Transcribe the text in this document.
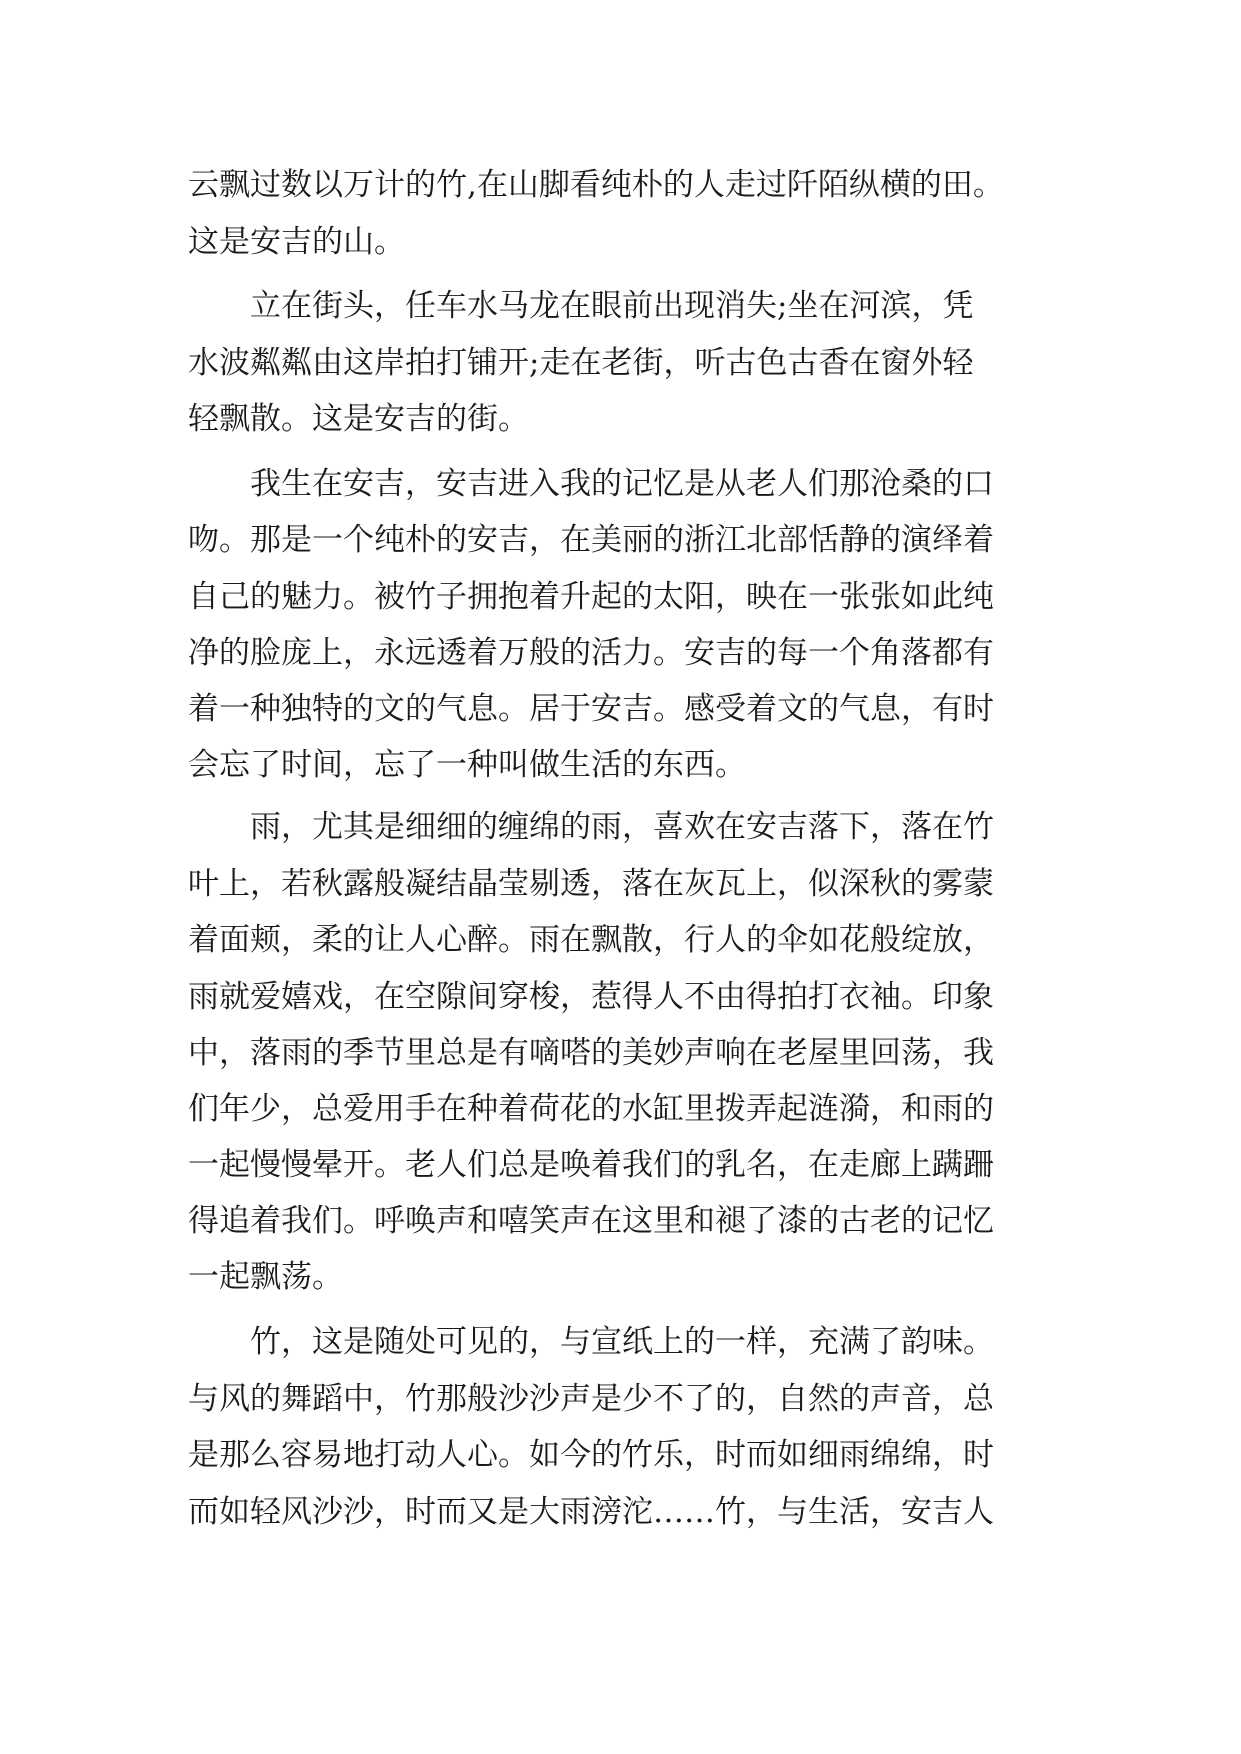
云飘过数以万计的竹,在山脚看纯朴的人走过阡陌纵横的田。
这是安吉的山。
立在街头，任车水马龙在眼前出现消失;坐在河滨，凭
水波粼粼由这岸拍打铺开;走在老街，听古色古香在窗外轻
轻飘散。这是安吉的街。
我生在安吉，安吉进入我的记忆是从老人们那沧桑的口
吻。那是一个纯朴的安吉，在美丽的浙江北部恬静的演绎着
自己的魅力。被竹子拥抱着升起的太阳，映在一张张如此纯
净的脸庞上，永远透着万般的活力。安吉的每一个角落都有
着一种独特的文的气息。居于安吉。感受着文的气息，有时
会忘了时间，忘了一种叫做生活的东西。
雨，尤其是细细的缠绵的雨，喜欢在安吉落下，落在竹
叶上，若秋露般凝结晶莹剔透，落在灰瓦上，似深秋的雾蒙
着面颊，柔的让人心醉。雨在飘散，行人的伞如花般绽放，
雨就爱嬉戏，在空隙间穿梭，惹得人不由得拍打衣袖。印象
中，落雨的季节里总是有嘀嗒的美妙声响在老屋里回荡，我
们年少，总爱用手在种着荷花的水缸里拨弄起涟漪，和雨的
一起慢慢晕开。老人们总是唤着我们的乳名，在走廊上蹒跚
得追着我们。呼唤声和嘻笑声在这里和褪了漆的古老的记忆
一起飘荡。
竹，这是随处可见的，与宣纸上的一样，充满了韵味。
与风的舞蹈中，竹那般沙沙声是少不了的，自然的声音，总
是那么容易地打动人心。如今的竹乐，时而如细雨绵绵，时
而如轻风沙沙，时而又是大雨滂沱……竹，与生活，安吉人
